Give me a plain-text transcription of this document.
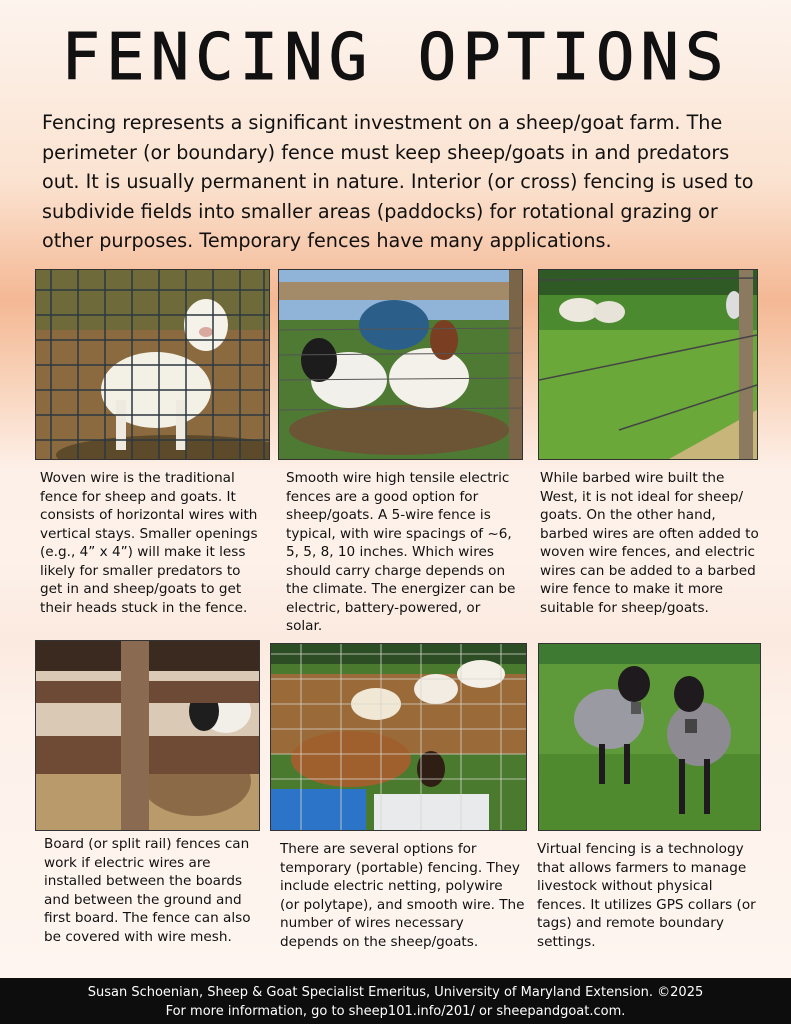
FENCING OPTIONS
Fencing represents a significant investment on a sheep/goat farm. The perimeter (or boundary) fence must keep sheep/goats in and predators out. It is usually permanent in nature. Interior (or cross) fencing is used to subdivide fields into smaller areas (paddocks) for rotational grazing or other purposes. Temporary fences have many applications.
Woven wire is the traditional fence for sheep and goats. It consists of horizontal wires with vertical stays. Smaller openings (e.g., 4” x 4”) will make it less likely for smaller predators to get in and sheep/goats to get their heads stuck in the fence.
Smooth wire high tensile electric fences are a good option for sheep/goats. A 5-wire fence is typical, with wire spacings of ~6, 5, 5, 8, 10 inches. Which wires should carry charge depends on the climate. The energizer can be electric, battery-powered, or solar.
While barbed wire built the West, it is not ideal for sheep/ goats. On the other hand, barbed wires are often added to woven wire fences, and electric wires can be added to a barbed wire fence to make it more suitable for sheep/goats.
Board (or split rail) fences can work if electric wires are installed between the boards and between the ground and first board. The fence can also be covered with wire mesh.
There are several options for temporary (portable) fencing. They include electric netting, polywire (or polytape), and smooth wire. The number of wires necessary depends on the sheep/goats.
Virtual fencing is a technology that allows farmers to manage livestock without physical fences. It utilizes GPS collars (or tags) and remote boundary settings.
Susan Schoenian, Sheep & Goat Specialist Emeritus, University of Maryland Extension. ©2025
For more information, go to sheep101.info/201/ or sheepandgoat.com.
